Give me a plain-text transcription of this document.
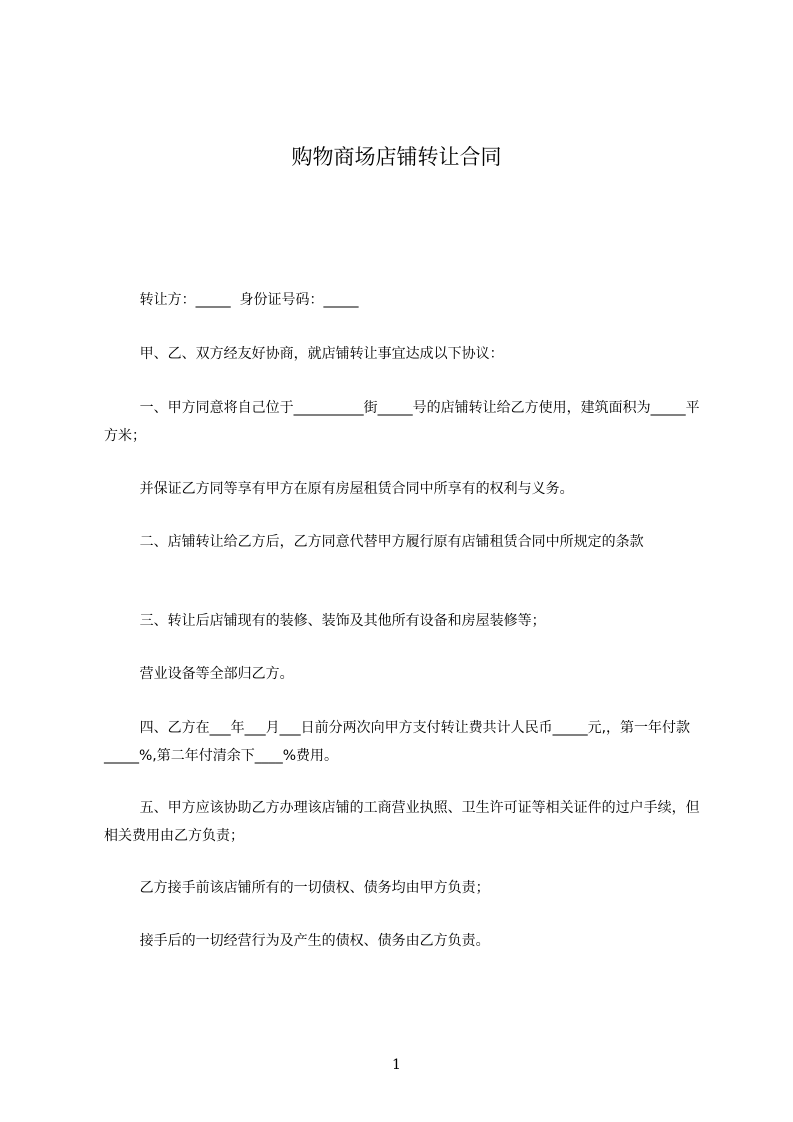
购物商场店铺转让合同

转让方：_____  身份证号码：_____

甲、乙、双方经友好协商，就店铺转让事宜达成以下协议：

一、甲方同意将自己位于__________街_____号的店铺转让给乙方使用，建筑面积为_____平方米；

并保证乙方同等享有甲方在原有房屋租赁合同中所享有的权利与义务。

二、店铺转让给乙方后，乙方同意代替甲方履行原有店铺租赁合同中所规定的条款

三、转让后店铺现有的装修、装饰及其他所有设备和房屋装修等；

营业设备等全部归乙方。

四、乙方在___年___月___日前分两次向甲方支付转让费共计人民币_____元,，第一年付款_____%,第二年付清余下____%费用。

五、甲方应该协助乙方办理该店铺的工商营业执照、卫生许可证等相关证件的过户手续，但相关费用由乙方负责；

乙方接手前该店铺所有的一切债权、债务均由甲方负责；

接手后的一切经营行为及产生的债权、债务由乙方负责。

1
